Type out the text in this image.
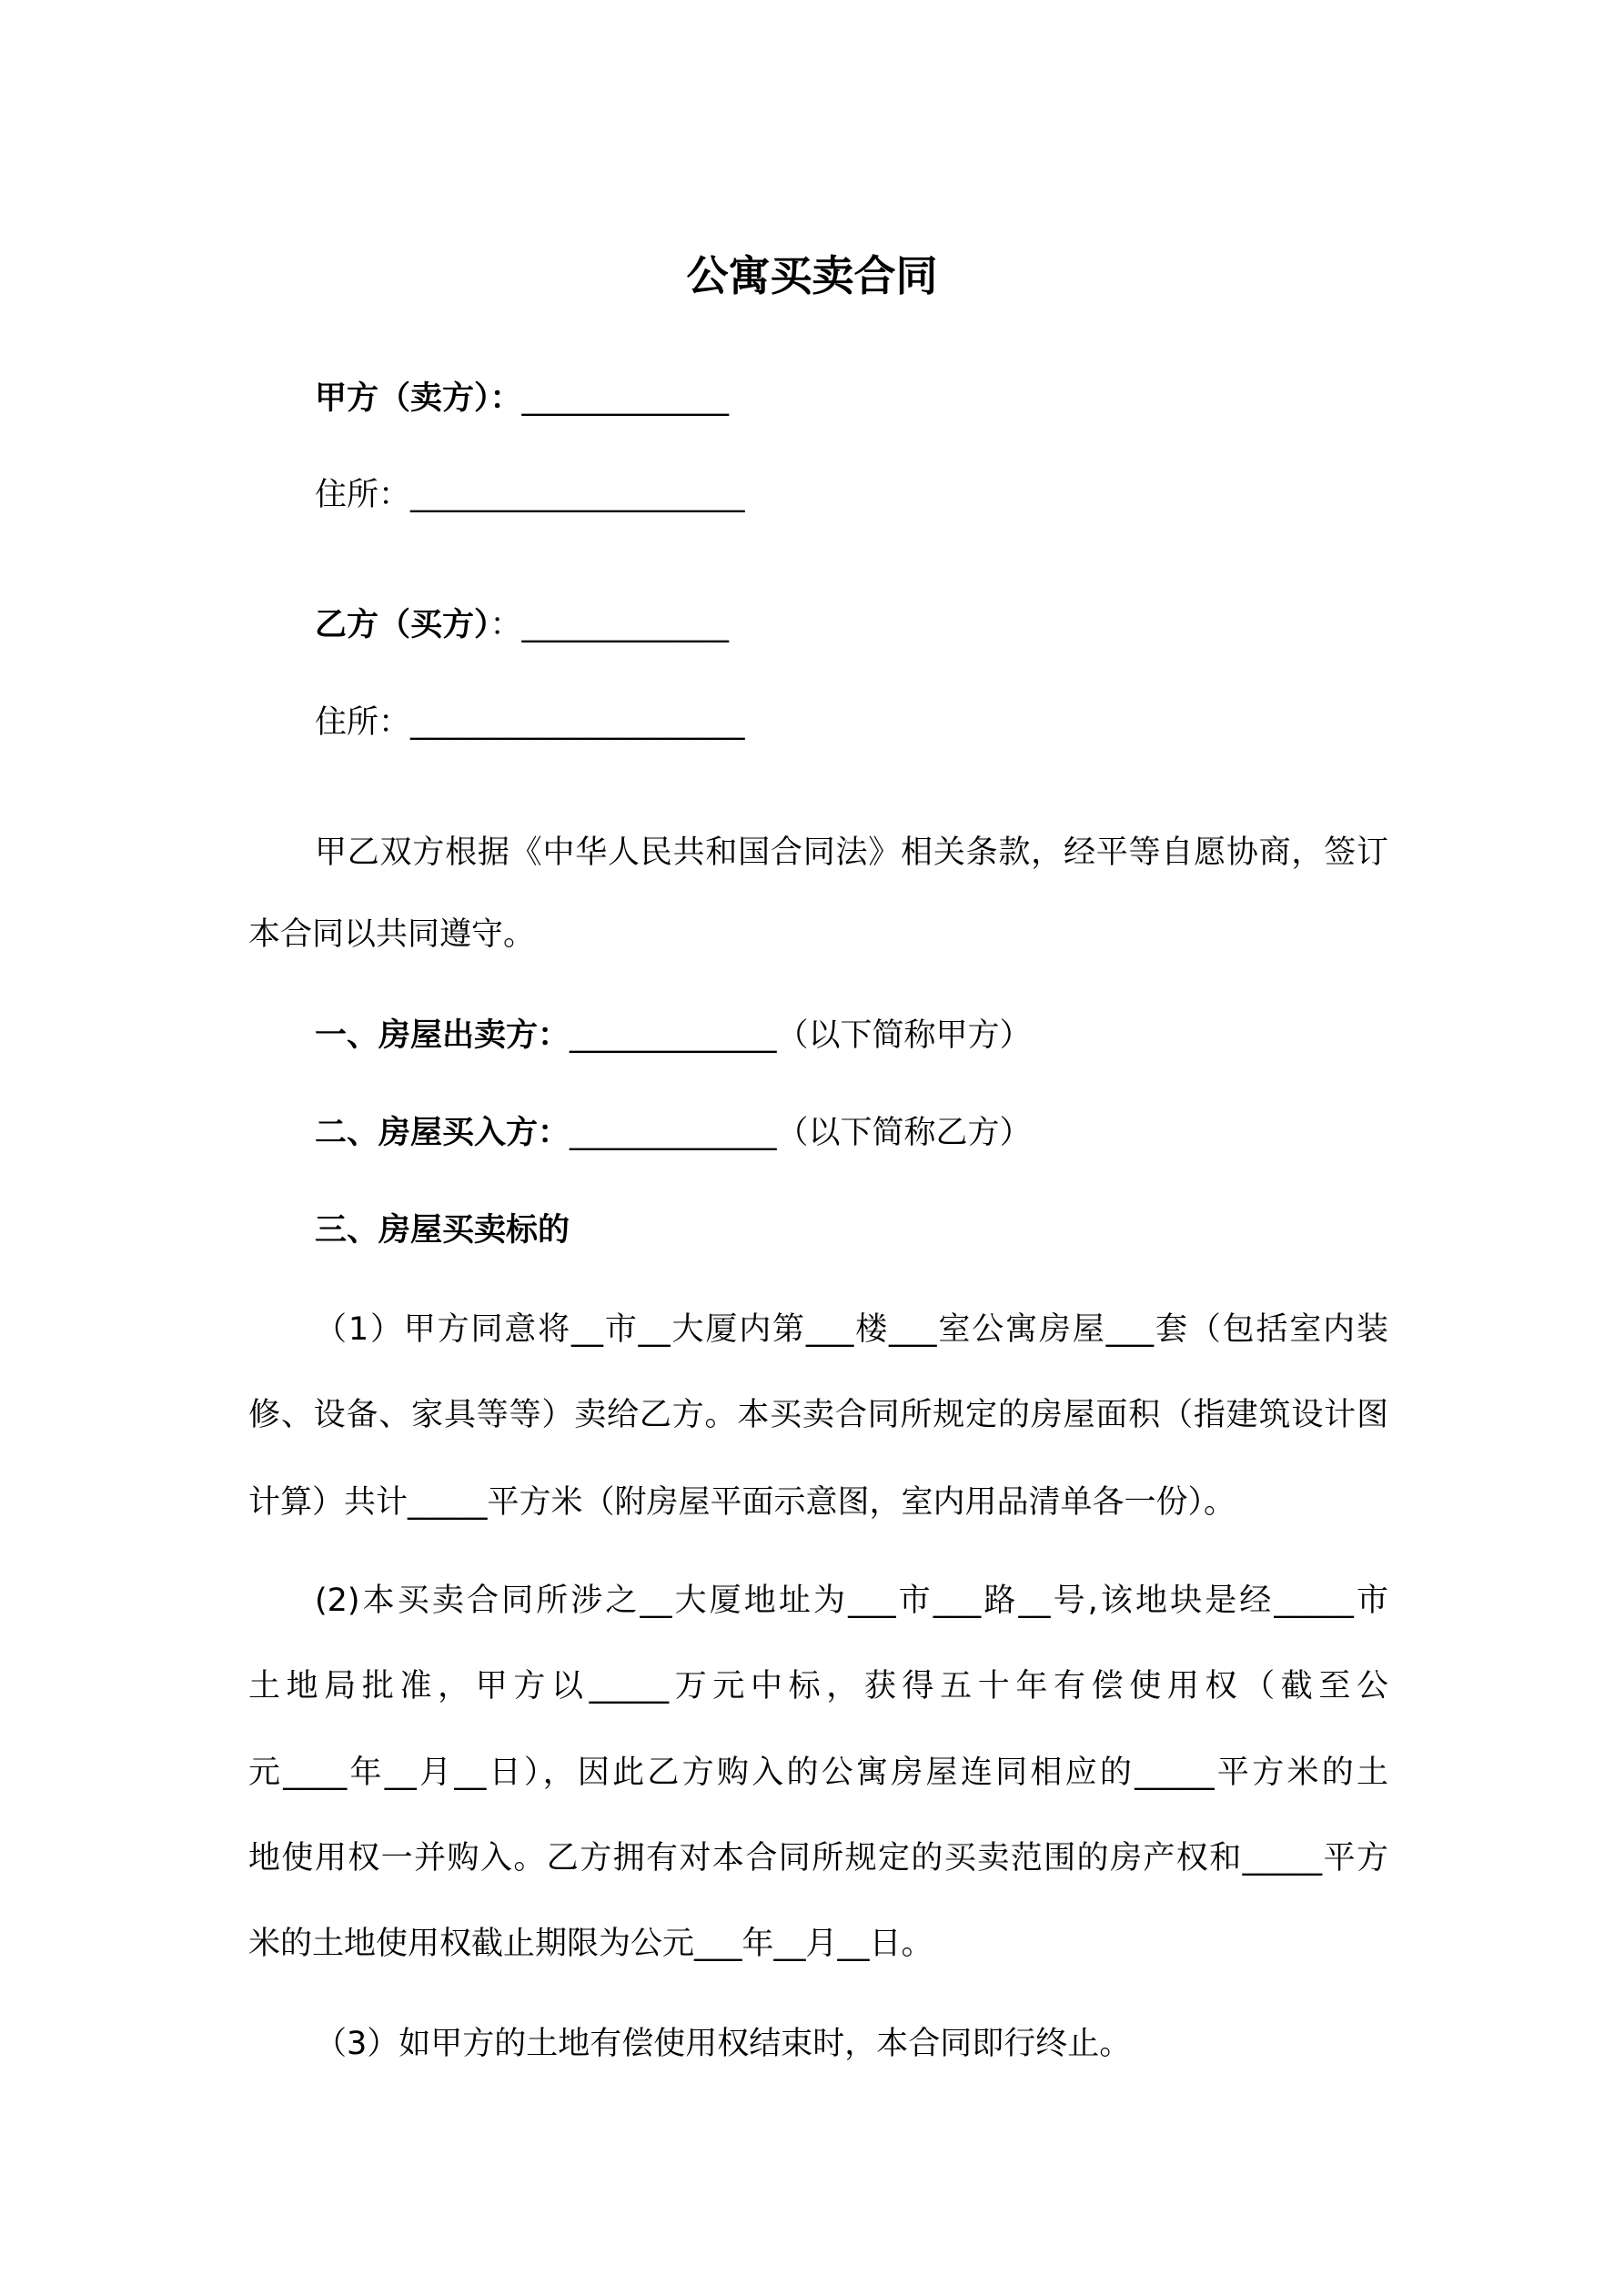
公寓买卖合同
甲方（卖方）：_____________
住所：_____________________
乙方（买方）：_____________
住所：_____________________
甲乙双方根据《中华人民共和国合同法》相关条款，经平等自愿协商，签订
本合同以共同遵守。
一、房屋出卖方：_____________（以下简称甲方）
二、房屋买入方：_____________（以下简称乙方）
三、房屋买卖标的
（1）甲方同意将__市__大厦内第___楼___室公寓房屋___套（包括室内装
修、设备、家具等等）卖给乙方。本买卖合同所规定的房屋面积（指建筑设计图
计算）共计_____平方米（附房屋平面示意图，室内用品清单各一份）。
(2)本买卖合同所涉之__大厦地址为___市___路__号,该地块是经_____市
土地局批准，甲方以_____万元中标，获得五十年有偿使用权（截至公
元____年__月__日），因此乙方购入的公寓房屋连同相应的_____平方米的土
地使用权一并购入。乙方拥有对本合同所规定的买卖范围的房产权和_____平方
米的土地使用权截止期限为公元___年__月__日。
（3）如甲方的土地有偿使用权结束时，本合同即行终止。
